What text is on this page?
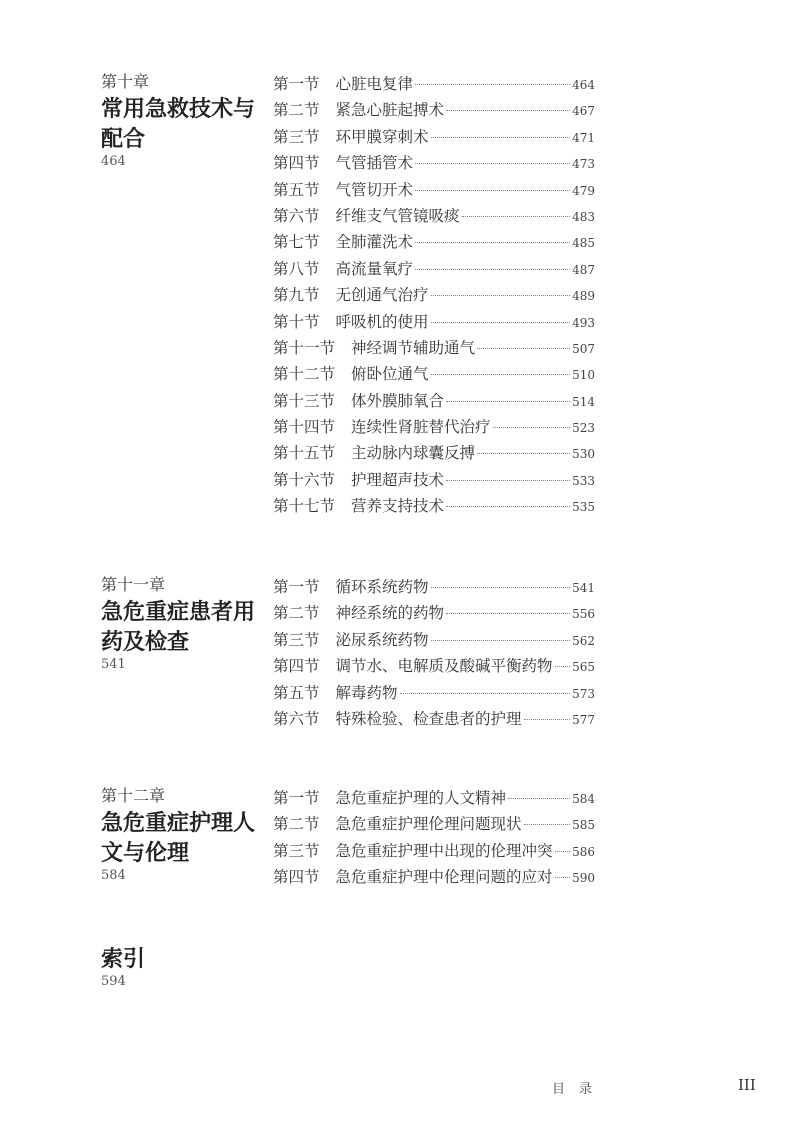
第十章
常用急救技术与
配合
464
第一节 心脏电复律	464
第二节 紧急心脏起搏术	467
第三节 环甲膜穿刺术	471
第四节 气管插管术	473
第五节 气管切开术	479
第六节 纤维支气管镜吸痰	483
第七节 全肺灌洗术	485
第八节 高流量氧疗	487
第九节 无创通气治疗	489
第十节 呼吸机的使用	493
第十一节 神经调节辅助通气	507
第十二节 俯卧位通气	510
第十三节 体外膜肺氧合	514
第十四节 连续性肾脏替代治疗	523
第十五节 主动脉内球囊反搏	530
第十六节 护理超声技术	533
第十七节 营养支持技术	535
第十一章
急危重症患者用
药及检查
541
第一节 循环系统药物	541
第二节 神经系统的药物	556
第三节 泌尿系统药物	562
第四节 调节水、电解质及酸碱平衡药物 565
第五节 解毒药物	573
第六节 特殊检验、检查患者的护理	577
第十二章
急危重症护理人
文与伦理
584
第一节 急危重症护理的人文精神	584
第二节 急危重症护理伦理问题现状	585
第三节 急危重症护理中出现的伦理冲突 586
第四节 急危重症护理中伦理问题的应对 590
索引
594
目录	III
